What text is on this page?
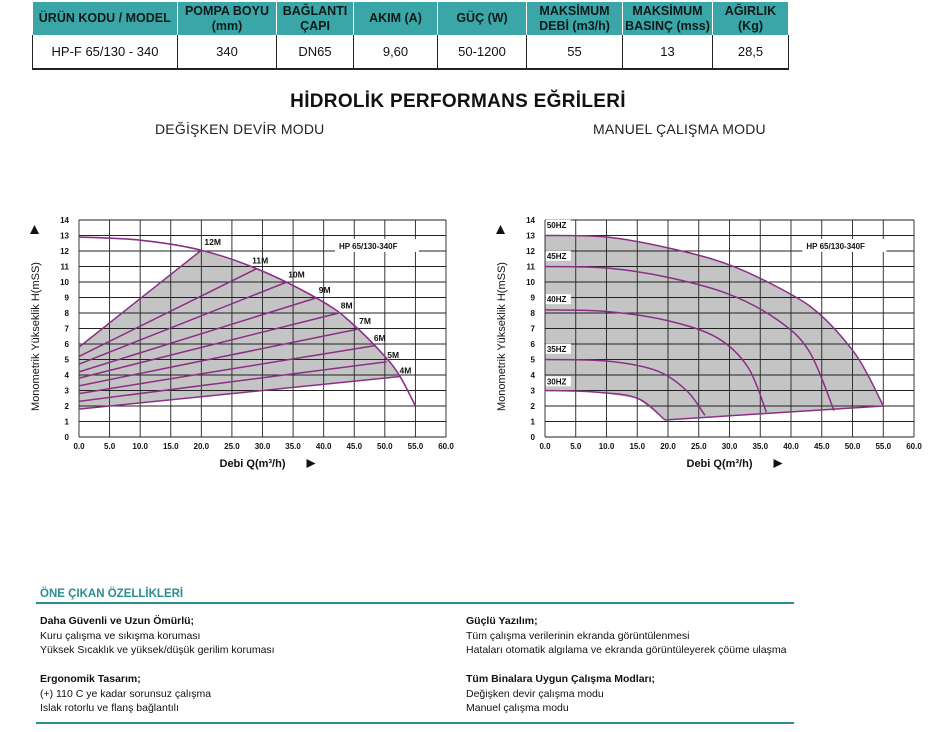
ÜRÜN KODU / MODEL	POMPA BOYU (mm)	BAĞLANTI ÇAPI	AKIM (A)	GÜÇ (W)	MAKSİMUM DEBİ (m3/h)	MAKSİMUM BASINÇ (mss)	AĞIRLIK (Kg)
HP-F 65/130 - 340	340	DN65	9,60	50-1200	55	13	28,5
HİDROLİK PERFORMANS EĞRİLERİ
DEĞİŞKEN DEVİR MODU	MANUEL ÇALIŞMA MODU
0.0 5.0 10.0 15.0 20.0 25.0 30.0 35.0 40.0 45.0 50.0 55.0 60.0
0
1
2
3
4
5
6
7
8
9
10
11
12
13
14
12M
11M
10M
9M
8M
7M
6M
5M
4M
HP 65/130-340F
Debi Q(m³/h)
Monometrik Yükseklik H(mSS)
0.0 5.0 10.0 15.0 20.0 25.0 30.0 35.0 40.0 45.0 50.0 55.0 60.0
0
1
2
3
4
5
6
7
8
9
10
11
12
13
14
50HZ
45HZ
40HZ
35HZ
30HZ
HP 65/130-340F
Debi Q(m³/h)
Monometrik Yükseklik H(mSS)
ÖNE ÇIKAN ÖZELLİKLERİ
Daha Güvenli ve Uzun Ömürlü;
Kuru çalışma ve sıkışma koruması
Yüksek Sıcaklık ve yüksek/düşük gerilim koruması
Güçlü Yazılım;
Tüm çalışma verilerinin ekranda görüntülenmesi
Hataları otomatik algılama ve ekranda görüntüleyerek çöüme ulaşma
Ergonomik Tasarım;
(+) 110 C ye kadar sorunsuz çalışma
Islak rotorlu ve flanş bağlantılı
Tüm Binalara Uygun Çalışma Modları;
Değişken devir çalışma modu
Manuel çalışma modu
